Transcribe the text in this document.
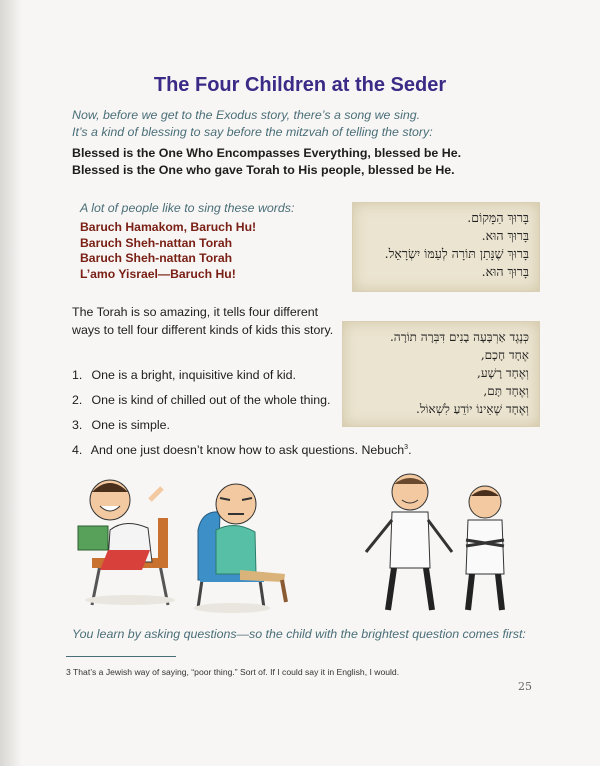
The Four Children at the Seder
Now, before we get to the Exodus story, there’s a song we sing.
It’s a kind of blessing to say before the mitzvah of telling the story:
Blessed is the One Who Encompasses Everything, blessed be He.
Blessed is the One who gave Torah to His people, blessed be He.
A lot of people like to sing these words:
Baruch Hamakom, Baruch Hu!
Baruch Sheh-nattan Torah
Baruch Sheh-nattan Torah
L’amo Yisrael—Baruch Hu!
בָּרוּךְ הַמָּקוֹם.
בָּרוּךְ הוּא.
בָּרוּךְ שֶׁנָּתַן תּוֹרָה לְעַמּוֹ יִשְׂרָאֵל.
בָּרוּךְ הוּא.
The Torah is so amazing, it tells four different ways to tell four different kinds of kids this story.
1. One is a bright, inquisitive kind of kid.
2. One is kind of chilled out of the whole thing.
3. One is simple.
4. And one just doesn’t know how to ask questions. Nebuch$^3$.
כְּנֶגֶד אַרְבָּעָה בָנִים דִּבְּרָה תוֹרָה.
אֶחָד חָכָם,
וְאֶחָד רָשָׁע,
וְאֶחָד תָּם,
וְאֶחָד שֶׁאֵינוֹ יוֹדֵעַ לִשְׁאוֹל.
You learn by asking questions—so the child with the brightest question comes first:
3 That’s a Jewish way of saying, “poor thing.” Sort of. If I could say it in English, I would.
25
